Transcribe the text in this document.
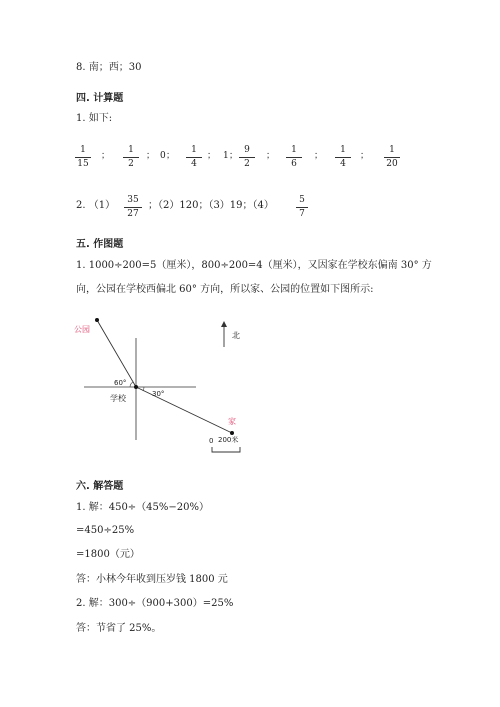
8. 南；西；30
四. 计算题
1. 如下:
1
15
；
1
2
； 0 ；
1
4
； 1 ；
9
2
；
1
6
；
1
4
；
1
20
2. （1）	35
27
；（2）120；（3）19；（4）	5
7
五. 作图题
1. 1000÷200=5（厘米），800÷200=4（厘米），又因家在学校东偏南 30° 方
向，公园在学校西偏北 60° 方向，所以家、公园的位置如下图所示:
公园
60°
30°
学校
家
北
0 200米
六. 解答题
1. 解：450÷（45%−20%）
=450÷25%
=1800（元）
答：小林今年收到压岁钱 1800 元
2. 解：300÷（900+300）=25%
答：节省了 25%。
